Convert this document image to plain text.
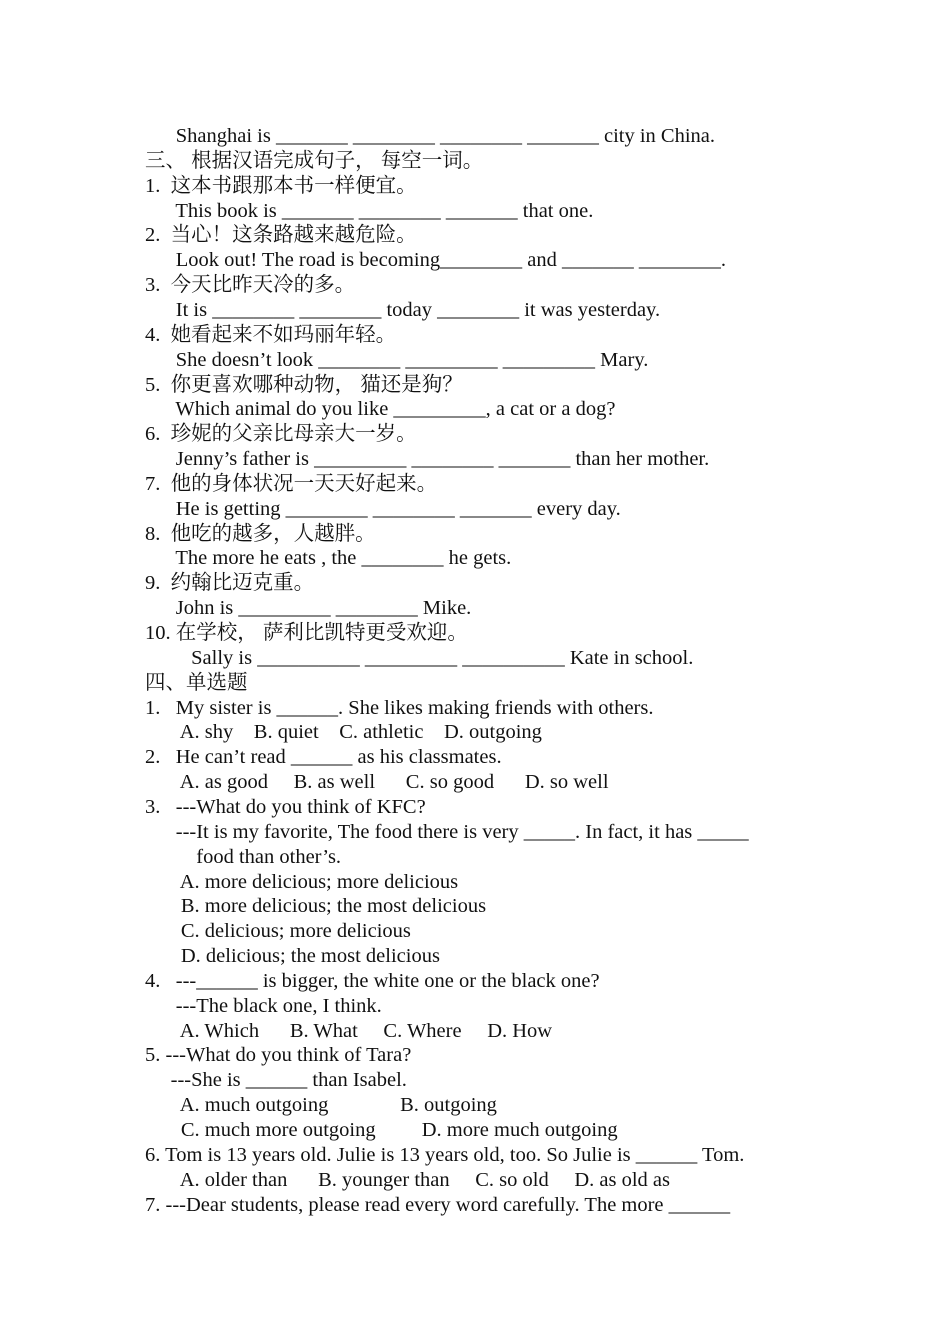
Shanghai is _______ ________ ________ _______ city in China.
三、 根据汉语完成句子， 每空一词。
1.  这本书跟那本书一样便宜。
This book is _______ ________ _______ that one.
2.  当心！这条路越来越危险。
Look out! The road is becoming________ and _______ ________.
3.  今天比昨天冷的多。
It is ________ ________ today ________ it was yesterday.
4.  她看起来不如玛丽年轻。
She doesn’t look ________ _________ _________ Mary.
5.  你更喜欢哪种动物， 猫还是狗？
Which animal do you like _________, a cat or a dog?
6.  珍妮的父亲比母亲大一岁。
Jenny’s father is _________ ________ _______ than her mother.
7.  他的身体状况一天天好起来。
He is getting ________ ________ _______ every day.
8.  他吃的越多，人越胖。
The more he eats , the ________ he gets.
9.  约翰比迈克重。
John is _________ ________ Mike.
10. 在学校， 萨利比凯特更受欢迎。
Sally is __________ _________ __________ Kate in school.
四、单选题
1.   My sister is ______. She likes making friends with others.
A. shy    B. quiet    C. athletic    D. outgoing
2.   He can’t read ______ as his classmates.
A. as good     B. as well      C. so good      D. so well
3.   ---What do you think of KFC?
---It is my favorite, The food there is very _____. In fact, it has _____
food than other’s.
A. more delicious; more delicious
B. more delicious; the most delicious
C. delicious; more delicious
D. delicious; the most delicious
4.   ---______ is bigger, the white one or the black one?
---The black one, I think.
A. Which      B. What     C. Where     D. How
5. ---What do you think of Tara?
---She is ______ than Isabel.
A. much outgoing              B. outgoing
C. much more outgoing         D. more much outgoing
6. Tom is 13 years old. Julie is 13 years old, too. So Julie is ______ Tom.
A. older than      B. younger than     C. so old     D. as old as
7. ---Dear students, please read every word carefully. The more ______
